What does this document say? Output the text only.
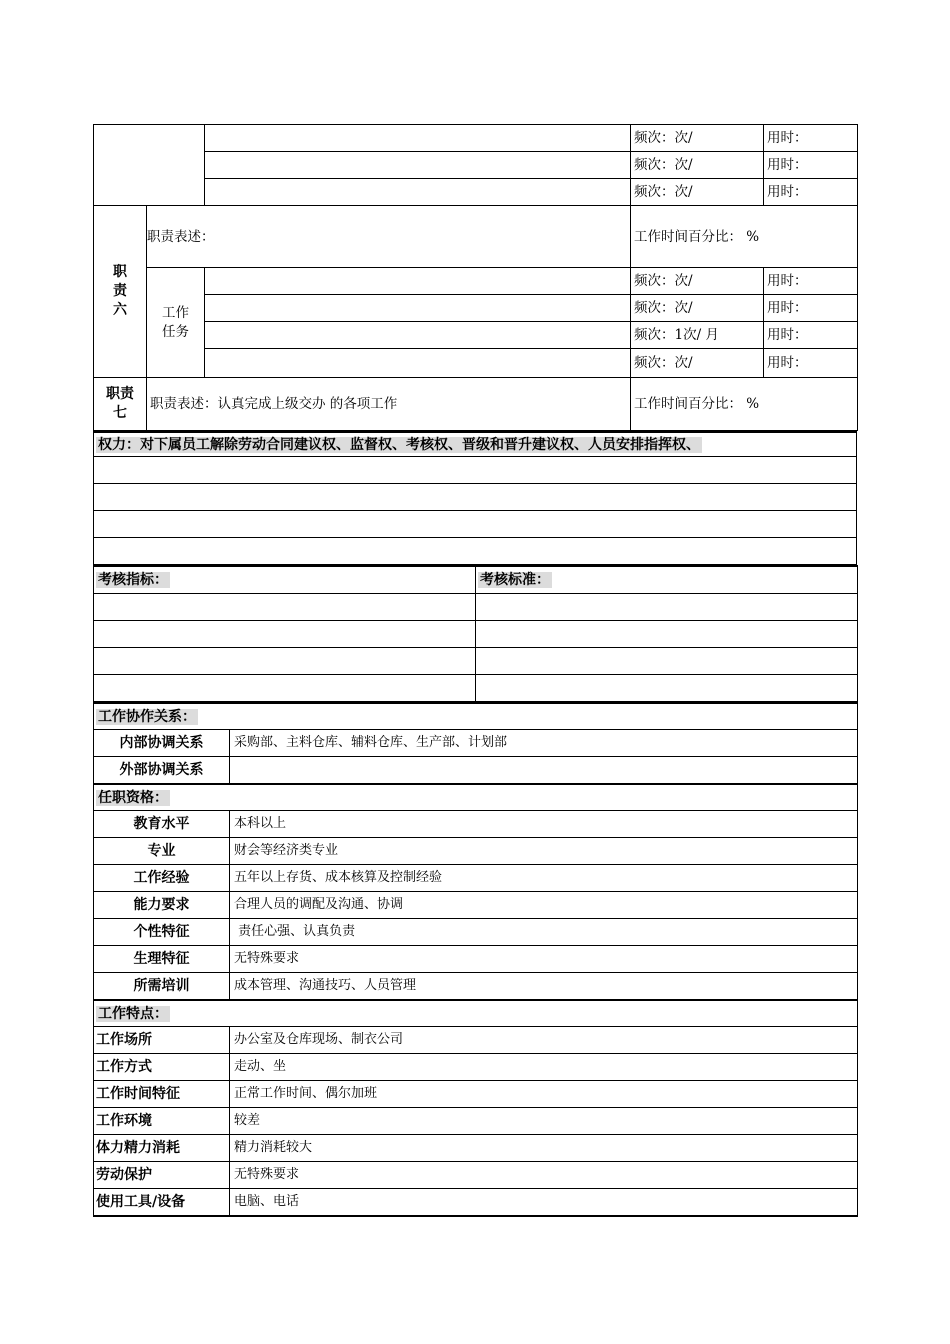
			频次：次/	用时：
			频次：次/	用时：
			频次：次/	用时：

职责六	职责表述：		工作时间百分比： %	

	工作任务		频次：次/	用时：
			频次：次/	用时：
			频次：1次/ 月	用时：
			频次：次/	用时：

职责七	职责表述：认真完成上级交办 的各项工作		工作时间百分比： %	
权力：对下属员工解除劳动合同建议权、监督权、考核权、晋级和晋升建议权、人员安排指挥权、

考核指标：	考核标准：

工作协作关系：	
内部协调关系	采购部、主料仓库、辅料仓库、生产部、计划部
外部协调关系	
任职资格：	
教育水平	本科以上
专业	财会等经济类专业
工作经验	五年以上存货、成本核算及控制经验
能力要求	合理人员的调配及沟通、协调
个性特征	责任心强、认真负责
生理特征	无特殊要求
所需培训	成本管理、沟通技巧、人员管理
工作特点：	
工作场所	办公室及仓库现场、制衣公司
工作方式	走动、坐
工作时间特征	正常工作时间、偶尔加班
工作环境	较差
体力精力消耗	精力消耗较大
劳动保护	无特殊要求
使用工具/设备	电脑、电话
